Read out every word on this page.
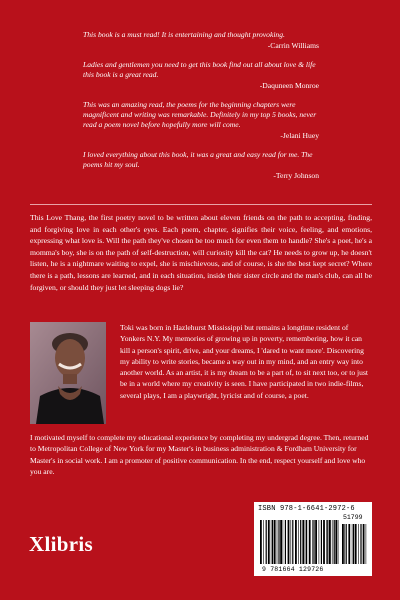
This book is a must read! It is entertaining and thought provoking.

-Carrin Williams

Ladies and gentlemen you need to get this book find out all about love & life this book is a great read.

-Daquneen Monroe

This was an amazing read, the poems for the beginning chapters were magnificent and writing was remarkable. Definitely in my top 5 books, never read a poem novel before hopefully more will come.

-Jelani Huey

I loved everything about this book, it was a great and easy read for me. The poems hit my soul.

-Terry Johnson

This Love Thang, the first poetry novel to be written about eleven friends on the path to accepting, finding, and forgiving love in each other's eyes. Each poem, chapter, signifies their voice, feeling, and emotions, expressing what love is. Will the path they've chosen be too much for even them to handle? She's a poet, he's a momma's boy, she is on the path of self-destruction, will curiosity kill the cat? He needs to grow up, he doesn't listen, he is a nightmare waiting to expel, she is mischievous, and of course, is she the best kept secret? Where there is a path, lessons are learned, and in each situation, inside their sister circle and the man's club, can all be forgiven, or should they just let sleeping dogs lie?

Toki was born in Hazlehurst Mississippi but remains a longtime resident of Yonkers N.Y. My memories of growing up in poverty, remembering, how it can kill a person's spirit, drive, and your dreams, I 'dared to want more'. Discovering my ability to write stories, became a way out in my mind, and an entry way into another world. As an artist, it is my dream to be a part of, to sit next too, or to just be in a world where my creativity is seen. I have participated in two indie-films, several plays, I am a playwright, lyricist and of course, a poet.

I motivated myself to complete my educational experience by completing my undergrad degree. Then, returned to Metropolitan College of New York for my Master's in business administration & Fordham University for Master's in social work. I am a promoter of positive communication. In the end, respect yourself and love who you are.

Xlibris
ISBN 978-1-6641-2972-6
51799
9 781664 129726
